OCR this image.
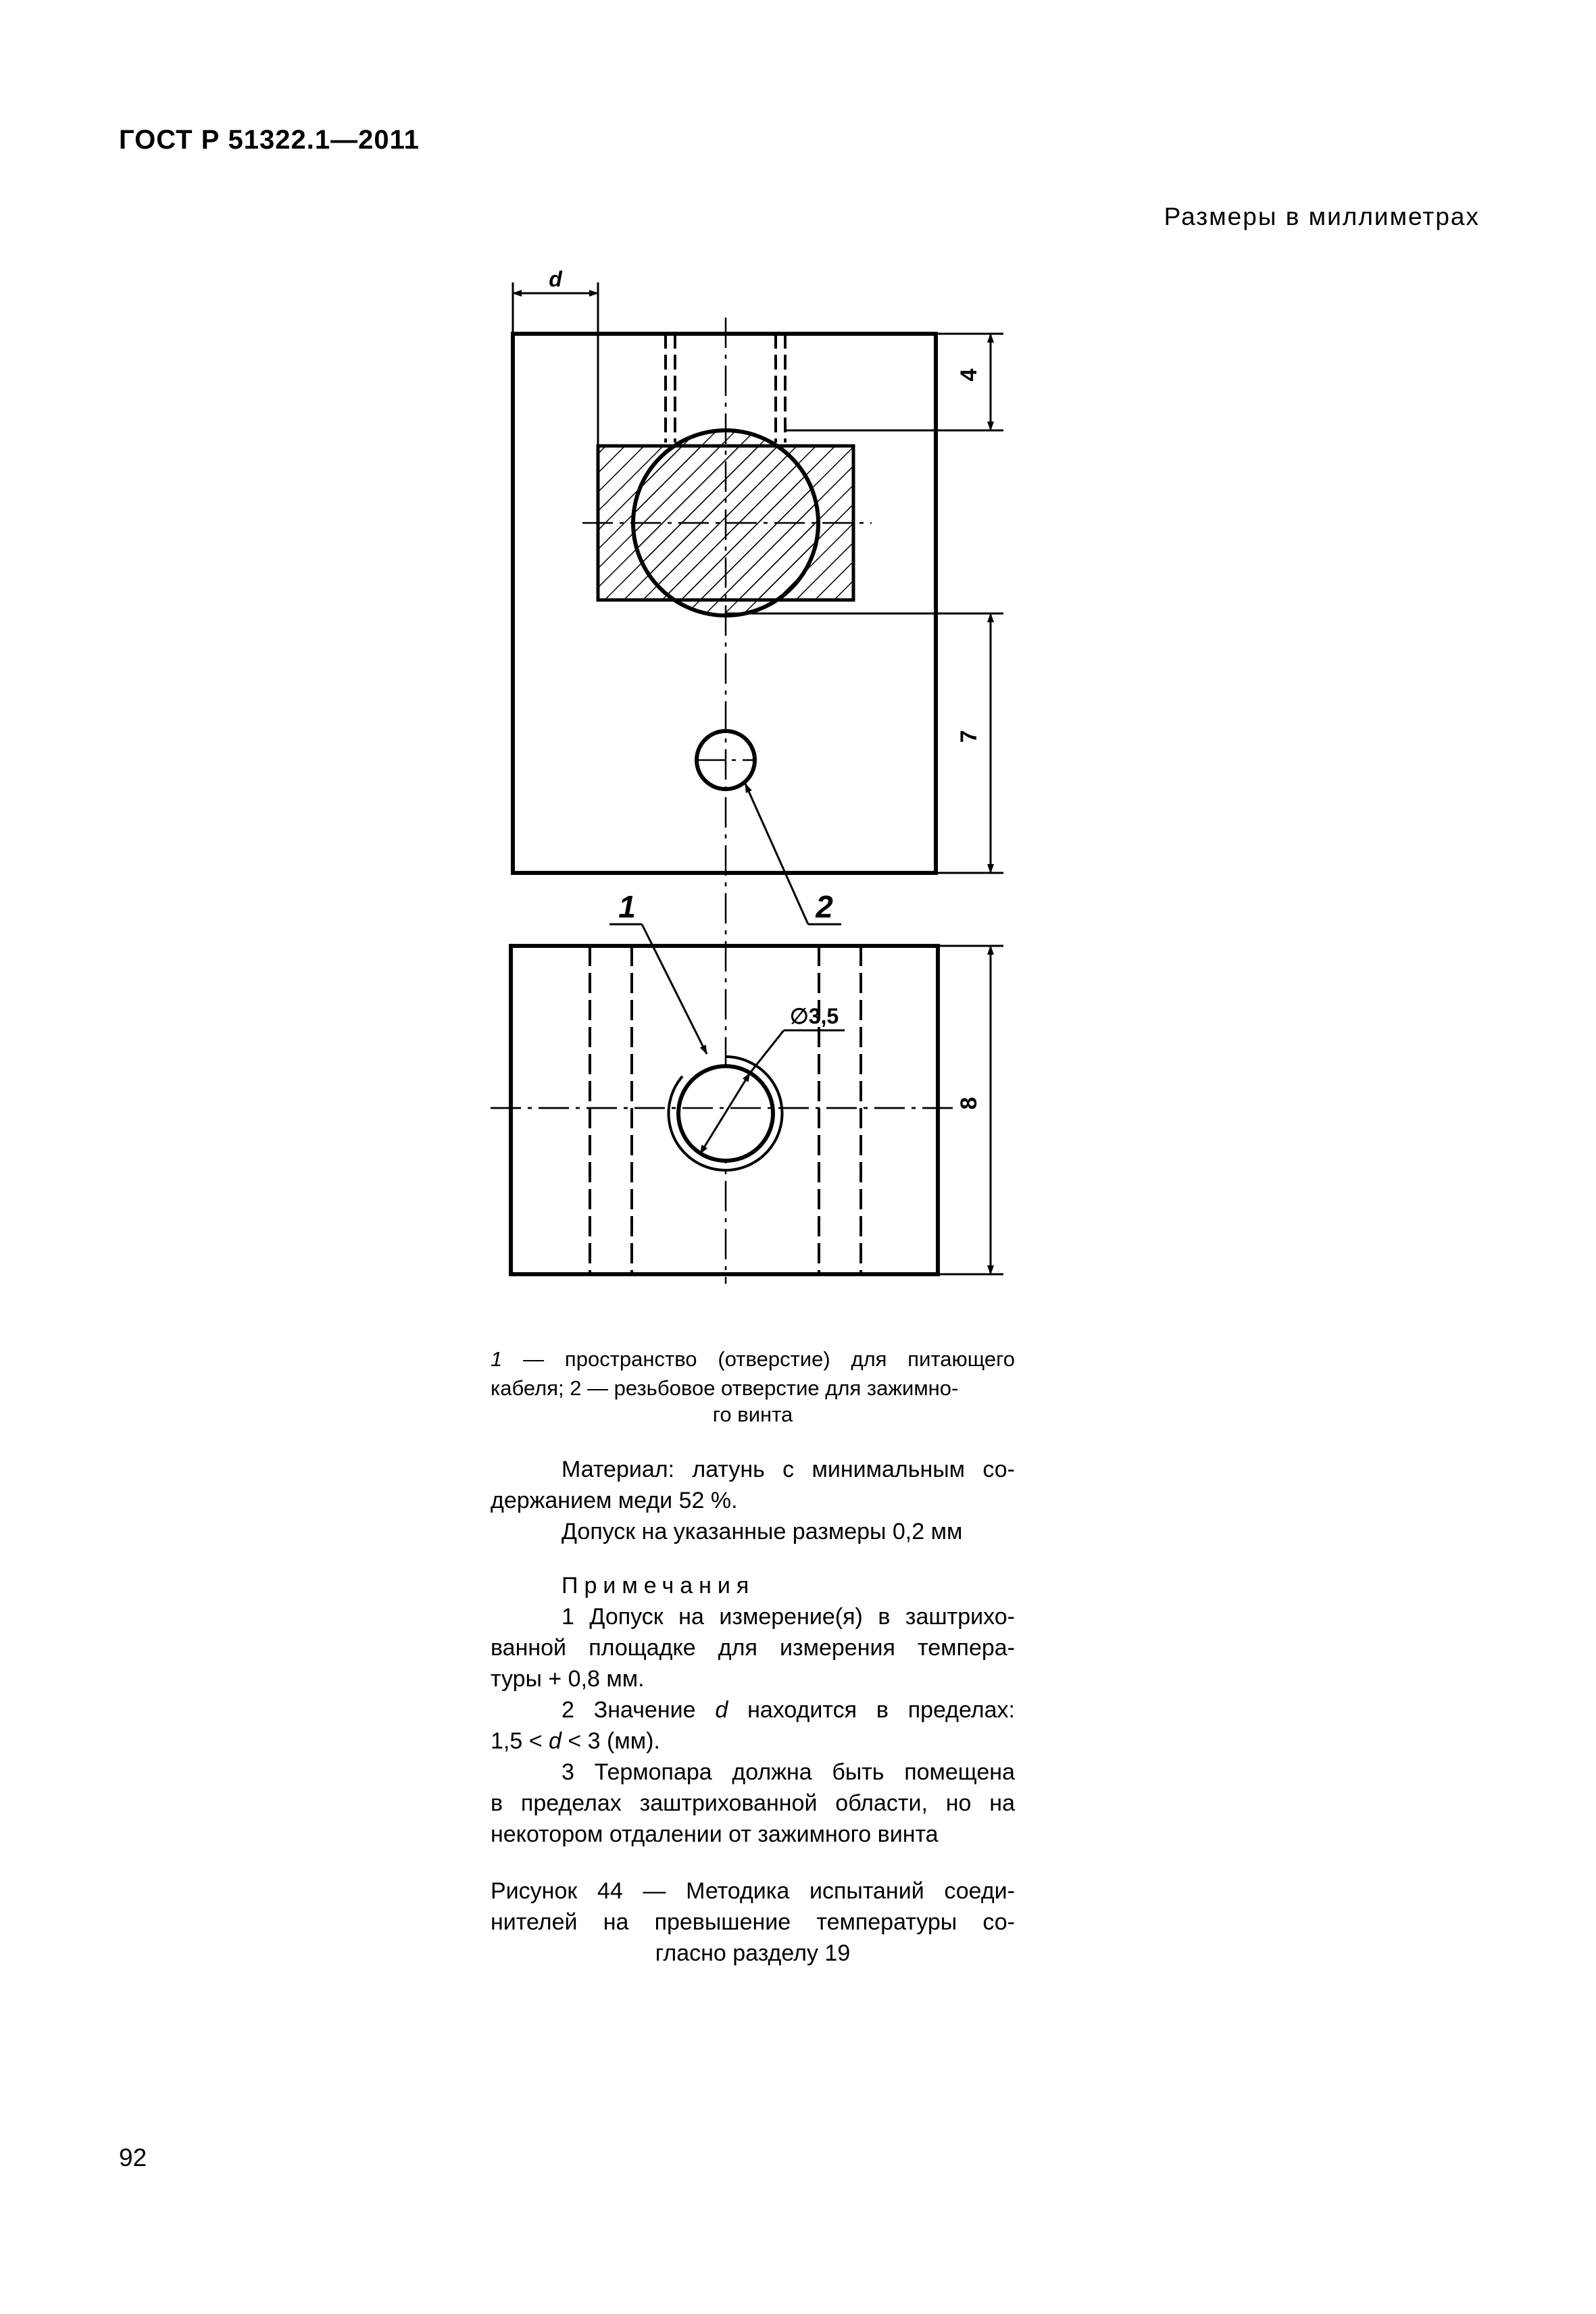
ГОСТ Р 51322.1—2011
Размеры в миллиметрах
d
4
7
2
1
∅3,5
8
1 — пространство (отверстие) для питающего кабеля; 2 — резьбовое отверстие для зажимно-
го винта

Материал: латунь с минимальным со-

держанием меди 52 %.

Допуск на указанные размеры 0,2 мм

Примечания

1 Допуск на измерение(я) в заштрихо-

ванной площадке для измерения темпера-

туры + 0,8 мм.

2 Значение d находится в пределах:

1,5 < d < 3 (мм).

3 Термопара должна быть помещена

в пределах заштрихованной области, но на

некотором отдалении от зажимного винта

Рисунок 44 — Методика испытаний соеди-

нителей на превышение температуры со-

гласно разделу 19

92
